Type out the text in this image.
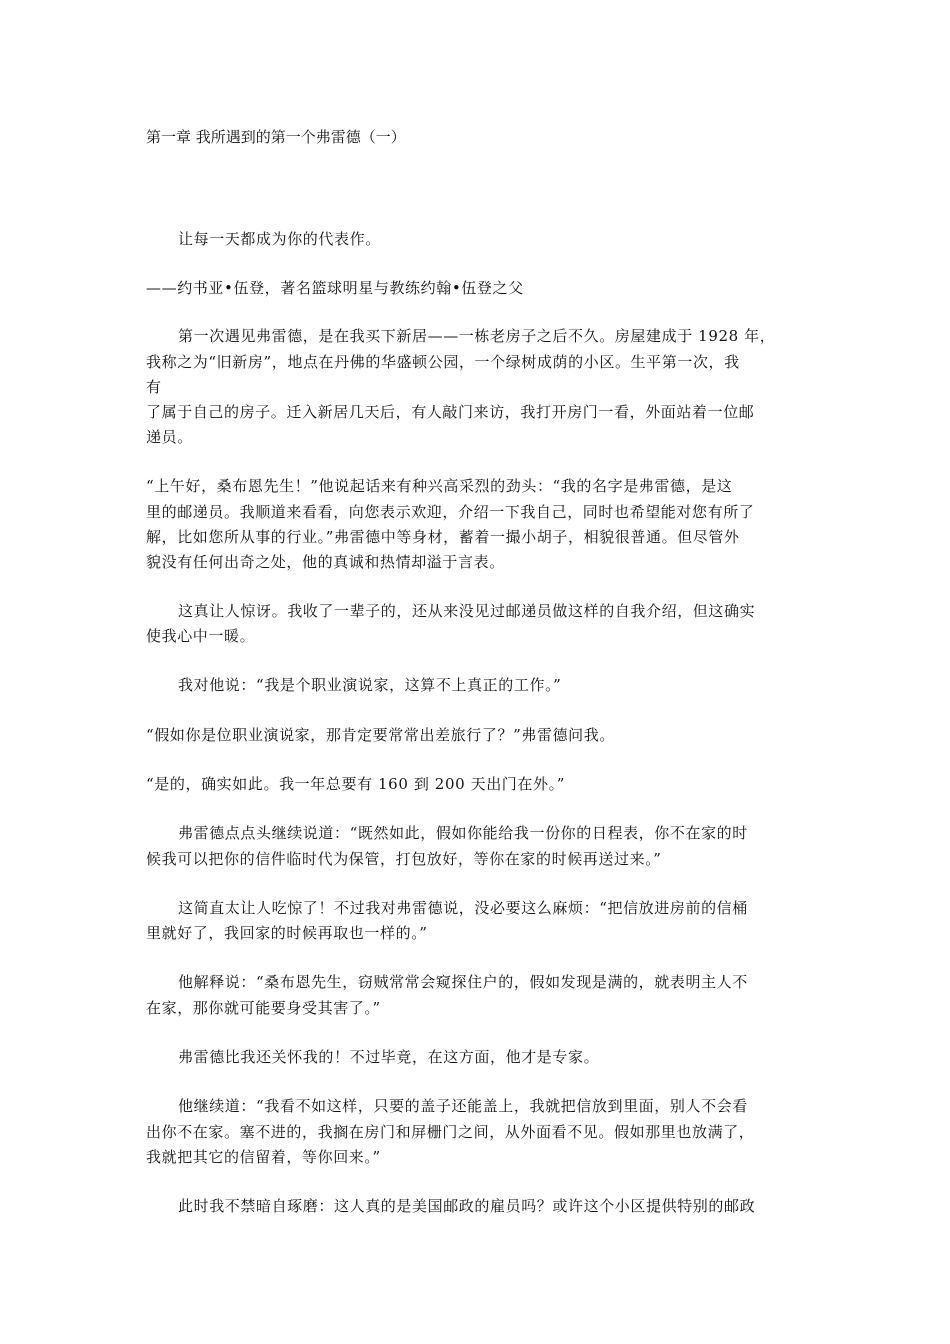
第一章 我所遇到的第一个弗雷德（一）
让每一天都成为你的代表作。
——约书亚•伍登，著名篮球明星与教练约翰•伍登之父
第一次遇见弗雷德，是在我买下新居——一栋老房子之后不久。房屋建成于 1928 年，
我称之为“旧新房”，地点在丹佛的华盛顿公园，一个绿树成荫的小区。生平第一次，我
有
了属于自己的房子。迁入新居几天后，有人敲门来访，我打开房门一看，外面站着一位邮
递员。
“上午好，桑布恩先生！”他说起话来有种兴高采烈的劲头：“我的名字是弗雷德，是这
里的邮递员。我顺道来看看，向您表示欢迎，介绍一下我自己，同时也希望能对您有所了
解，比如您所从事的行业。”弗雷德中等身材，蓄着一撮小胡子，相貌很普通。但尽管外
貌没有任何出奇之处，他的真诚和热情却溢于言表。
这真让人惊讶。我收了一辈子的，还从来没见过邮递员做这样的自我介绍，但这确实
使我心中一暖。
我对他说：“我是个职业演说家，这算不上真正的工作。”
“假如你是位职业演说家，那肯定要常常出差旅行了？”弗雷德问我。
“是的，确实如此。我一年总要有 160 到 200 天出门在外。”
弗雷德点点头继续说道：“既然如此，假如你能给我一份你的日程表，你不在家的时
候我可以把你的信件临时代为保管，打包放好，等你在家的时候再送过来。”
这简直太让人吃惊了！不过我对弗雷德说，没必要这么麻烦：“把信放进房前的信桶
里就好了，我回家的时候再取也一样的。”
他解释说：“桑布恩先生，窃贼常常会窥探住户的，假如发现是满的，就表明主人不
在家，那你就可能要身受其害了。”
弗雷德比我还关怀我的！不过毕竟，在这方面，他才是专家。
他继续道：“我看不如这样，只要的盖子还能盖上，我就把信放到里面，别人不会看
出你不在家。塞不进的，我搁在房门和屏栅门之间，从外面看不见。假如那里也放满了，
我就把其它的信留着，等你回来。”
此时我不禁暗自琢磨：这人真的是美国邮政的雇员吗？或许这个小区提供特别的邮政
